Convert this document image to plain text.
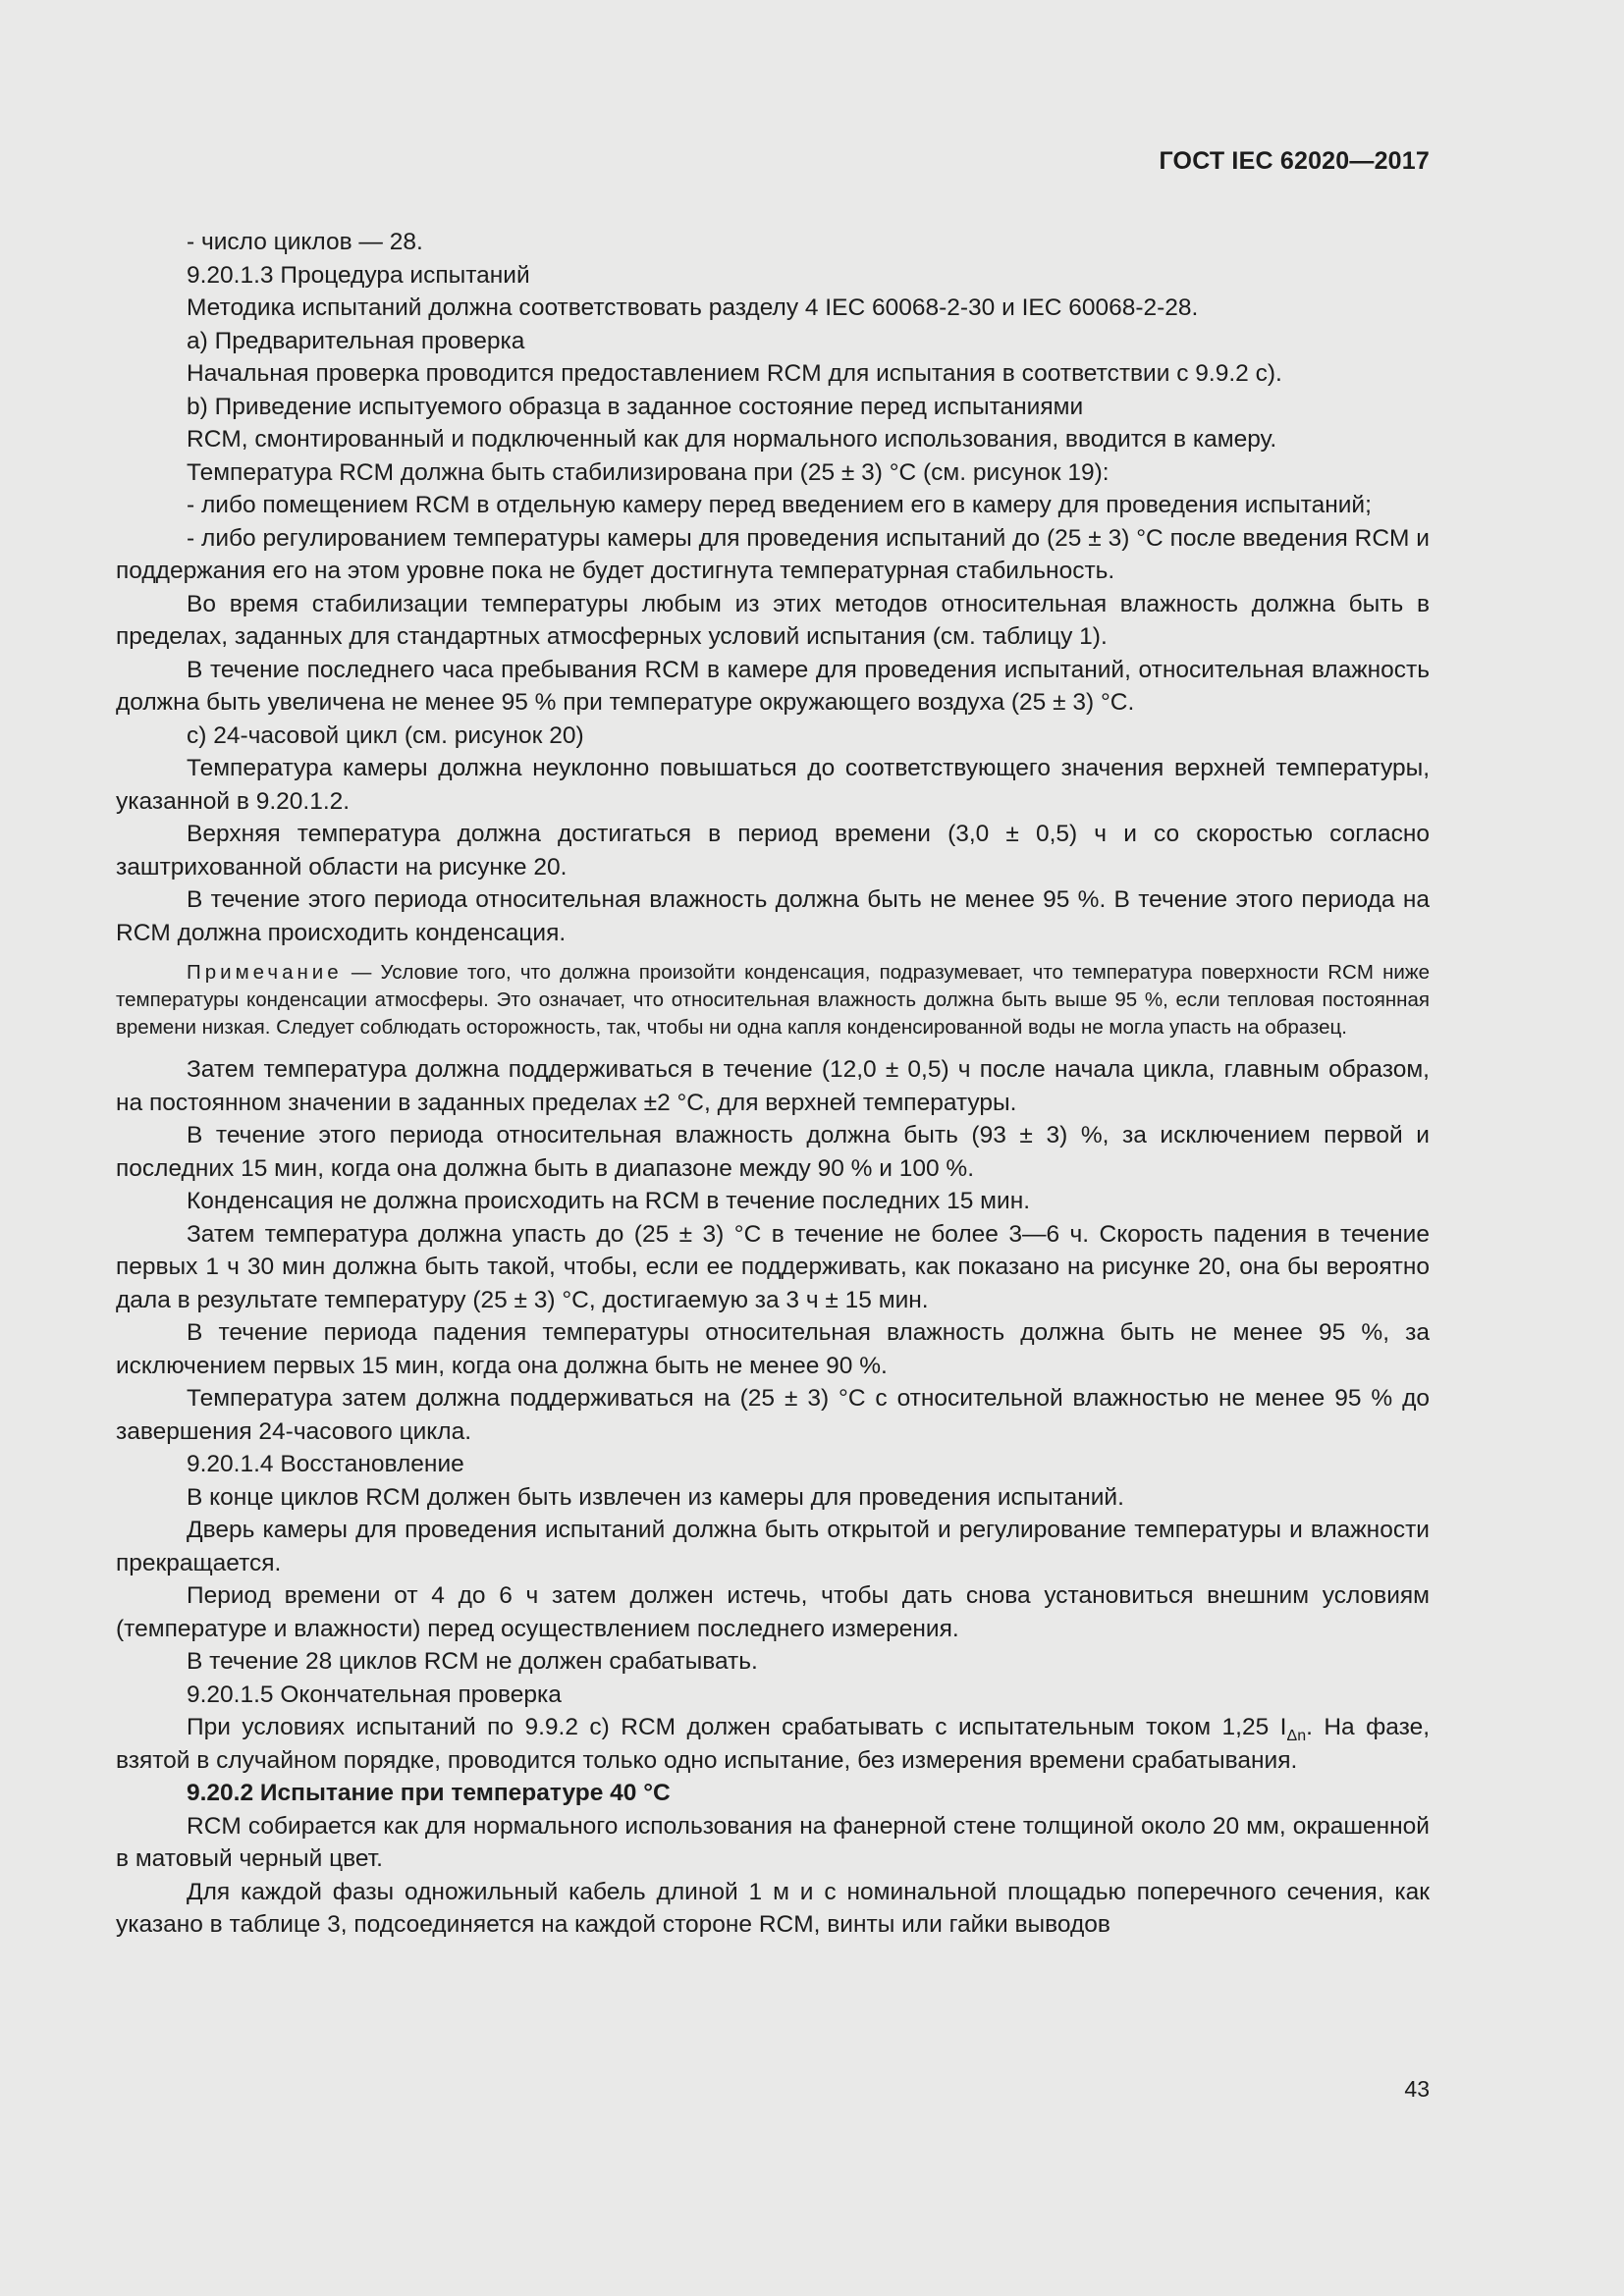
ГОСТ IEC 62020—2017

- число циклов — 28.

9.20.1.3 Процедура испытаний

Методика испытаний должна соответствовать разделу 4 IEC 60068-2-30 и IEC 60068-2-28.

a) Предварительная проверка

Начальная проверка проводится предоставлением RCM для испытания в соответствии с 9.9.2 с).

b) Приведение испытуемого образца в заданное состояние перед испытаниями

RCM, смонтированный и подключенный как для нормального использования, вводится в камеру.

Температура RCM должна быть стабилизирована при (25 ± 3) °С (см. рисунок 19):

- либо помещением RCM в отдельную камеру перед введением его в камеру для проведения испытаний;

- либо регулированием температуры камеры для проведения испытаний до (25 ± 3) °С после введения RCM и поддержания его на этом уровне пока не будет достигнута температурная стабильность.

Во время стабилизации температуры любым из этих методов относительная влажность должна быть в пределах, заданных для стандартных атмосферных условий испытания (см. таблицу 1).

В течение последнего часа пребывания RCM в камере для проведения испытаний, относительная влажность должна быть увеличена не менее 95 % при температуре окружающего воздуха (25 ± 3) °С.

с) 24-часовой цикл (см. рисунок 20)

Температура камеры должна неуклонно повышаться до соответствующего значения верхней температуры, указанной в 9.20.1.2.

Верхняя температура должна достигаться в период времени (3,0 ± 0,5) ч и со скоростью согласно заштрихованной области на рисунке 20.

В течение этого периода относительная влажность должна быть не менее 95 %. В течение этого периода на RCM должна происходить конденсация.

Примечание — Условие того, что должна произойти конденсация, подразумевает, что температура поверхности RCM ниже температуры конденсации атмосферы. Это означает, что относительная влажность должна быть выше 95 %, если тепловая постоянная времени низкая. Следует соблюдать осторожность, так, чтобы ни одна капля конденсированной воды не могла упасть на образец.

Затем температура должна поддерживаться в течение (12,0 ± 0,5) ч после начала цикла, главным образом, на постоянном значении в заданных пределах ±2 °С, для верхней температуры.

В течение этого периода относительная влажность должна быть (93 ± 3) %, за исключением первой и последних 15 мин, когда она должна быть в диапазоне между 90 % и 100 %.

Конденсация не должна происходить на RCM в течение последних 15 мин.

Затем температура должна упасть до (25 ± 3) °С в течение не более 3—6 ч. Скорость падения в течение первых 1 ч 30 мин должна быть такой, чтобы, если ее поддерживать, как показано на рисунке 20, она бы вероятно дала в результате температуру (25 ± 3) °С, достигаемую за 3 ч ± 15 мин.

В течение периода падения температуры относительная влажность должна быть не менее 95 %, за исключением первых 15 мин, когда она должна быть не менее 90 %.

Температура затем должна поддерживаться на (25 ± 3) °С с относительной влажностью не менее 95 % до завершения 24-часового цикла.

9.20.1.4 Восстановление

В конце циклов RCM должен быть извлечен из камеры для проведения испытаний.

Дверь камеры для проведения испытаний должна быть открытой и регулирование температуры и влажности прекращается.

Период времени от 4 до 6 ч затем должен истечь, чтобы дать снова установиться внешним условиям (температуре и влажности) перед осуществлением последнего измерения.

В течение 28 циклов RCM не должен срабатывать.

9.20.1.5 Окончательная проверка

При условиях испытаний по 9.9.2 с) RCM должен срабатывать с испытательным током 1,25 $I_{\Delta n}$. На фазе, взятой в случайном порядке, проводится только одно испытание, без измерения времени срабатывания.

9.20.2 Испытание при температуре 40 °С

RCM собирается как для нормального использования на фанерной стене толщиной около 20 мм, окрашенной в матовый черный цвет.

Для каждой фазы одножильный кабель длиной 1 м и с номинальной площадью поперечного сечения, как указано в таблице 3, подсоединяется на каждой стороне RCM, винты или гайки выводов

43
